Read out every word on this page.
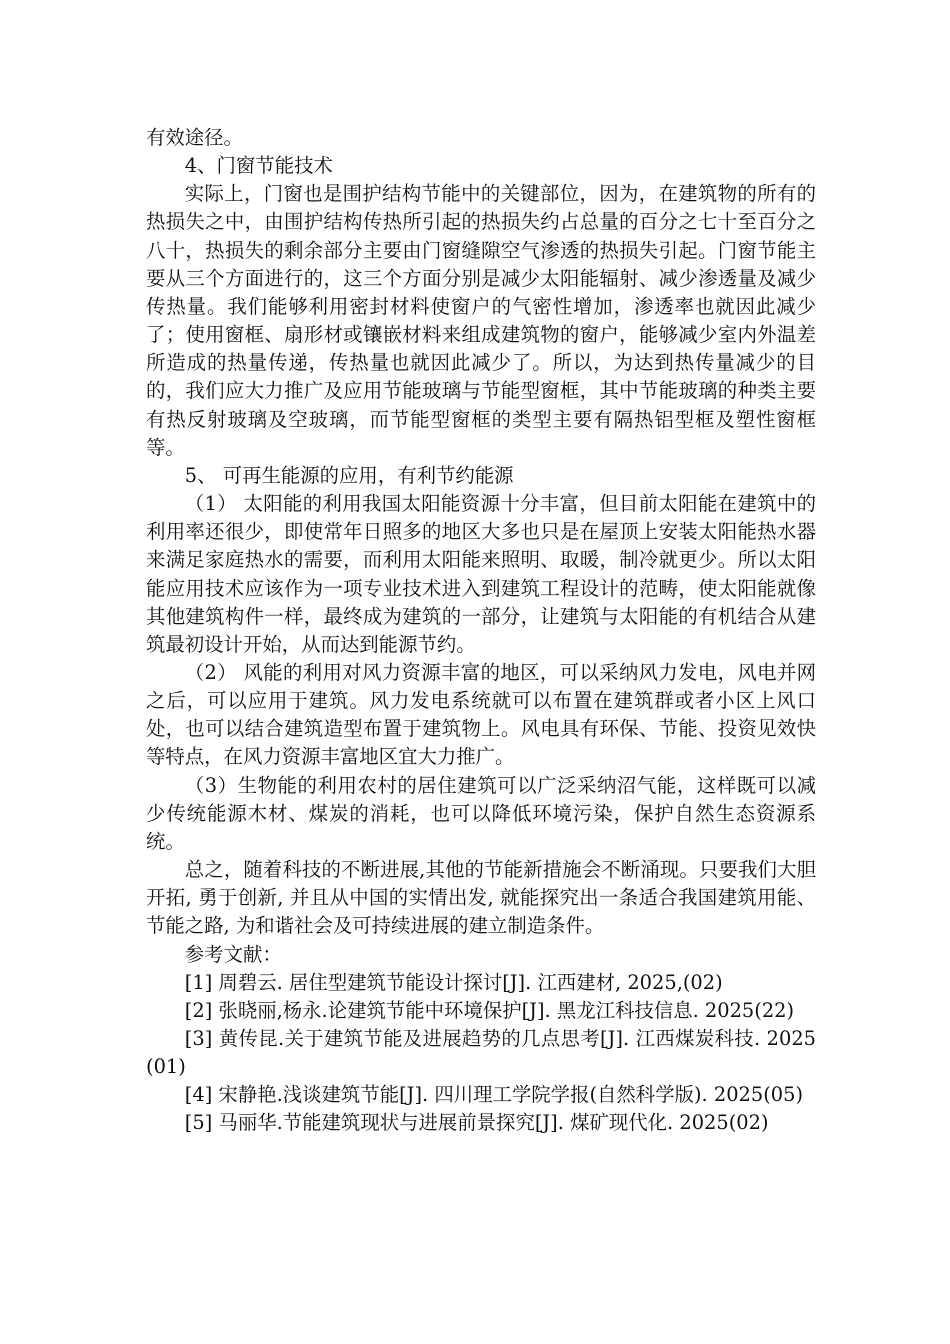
有效途径。

4、门窗节能技术

实际上，门窗也是围护结构节能中的关键部位，因为，在建筑物的所有的热损失之中，由围护结构传热所引起的热损失约占总量的百分之七十至百分之八十，热损失的剩余部分主要由门窗缝隙空气渗透的热损失引起。门窗节能主要从三个方面进行的，这三个方面分别是减少太阳能辐射、减少渗透量及减少传热量。我们能够利用密封材料使窗户的气密性增加，渗透率也就因此减少了；使用窗框、扇形材或镶嵌材料来组成建筑物的窗户，能够减少室内外温差所造成的热量传递，传热量也就因此减少了。所以，为达到热传量减少的目的，我们应大力推广及应用节能玻璃与节能型窗框，其中节能玻璃的种类主要有热反射玻璃及空玻璃，而节能型窗框的类型主要有隔热铝型框及塑性窗框等。

5、 可再生能源的应用，有利节约能源

（1） 太阳能的利用我国太阳能资源十分丰富，但目前太阳能在建筑中的利用率还很少，即使常年日照多的地区大多也只是在屋顶上安装太阳能热水器来满足家庭热水的需要，而利用太阳能来照明、取暖，制冷就更少。所以太阳能应用技术应该作为一项专业技术进入到建筑工程设计的范畴，使太阳能就像其他建筑构件一样，最终成为建筑的一部分，让建筑与太阳能的有机结合从建筑最初设计开始，从而达到能源节约。

（2） 风能的利用对风力资源丰富的地区，可以采纳风力发电，风电并网之后，可以应用于建筑。风力发电系统就可以布置在建筑群或者小区上风口处，也可以结合建筑造型布置于建筑物上。风电具有环保、节能、投资见效快等特点，在风力资源丰富地区宜大力推广。

（3）生物能的利用农村的居住建筑可以广泛采纳沼气能，这样既可以减少传统能源木材、煤炭的消耗，也可以降低环境污染，保护自然生态资源系统。

总之，随着科技的不断进展,其他的节能新措施会不断涌现。只要我们大胆开拓, 勇于创新, 并且从中国的实情出发, 就能探究出一条适合我国建筑用能、节能之路, 为和谐社会及可持续进展的建立制造条件。

参考文献：

[1] 周碧云. 居住型建筑节能设计探讨[J]. 江西建材, 2025,(02)

[2] 张晓丽,杨永.论建筑节能中环境保护[J]. 黑龙江科技信息. 2025(22)

[3] 黄传昆.关于建筑节能及进展趋势的几点思考[J]. 江西煤炭科技. 2025(01)

[4] 宋静艳.浅谈建筑节能[J]. 四川理工学院学报(自然科学版). 2025(05)

[5] 马丽华.节能建筑现状与进展前景探究[J]. 煤矿现代化. 2025(02)
